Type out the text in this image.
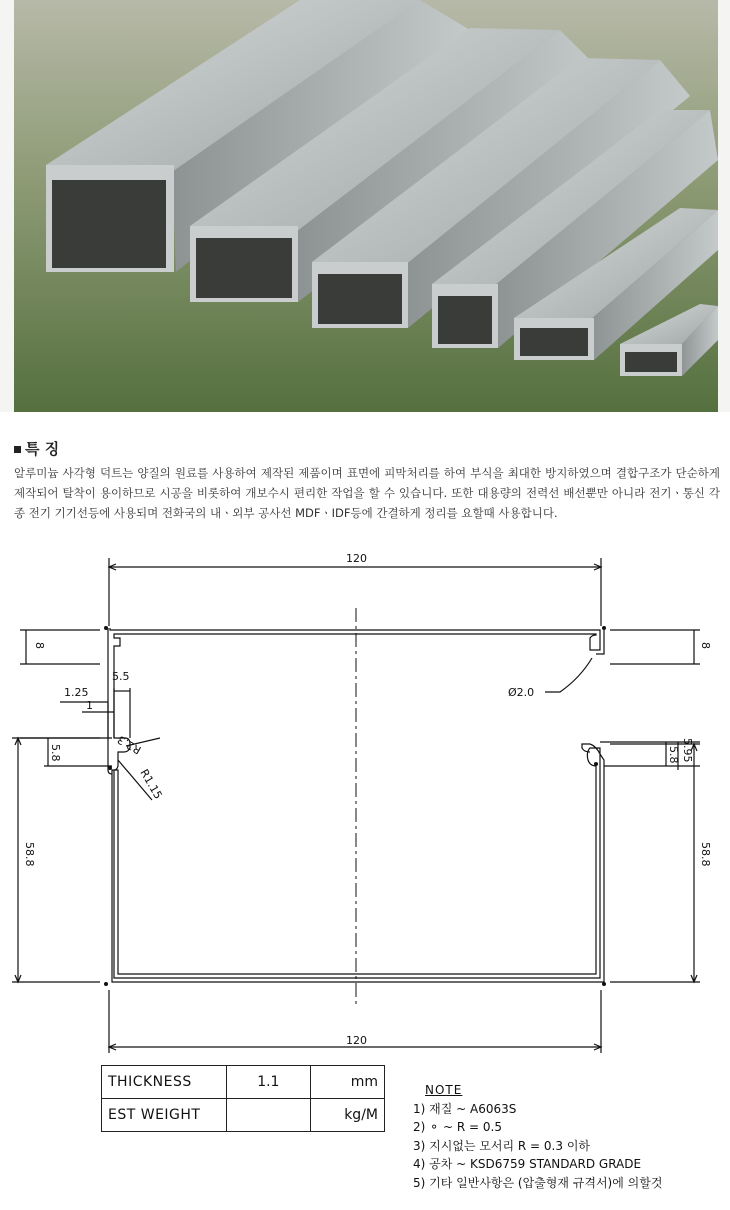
특 징
알루미늄 사각형 덕트는 양질의 원료를 사용하여 제작된 제품이며 표면에 피막처리를 하여 부식을 최대한 방지하였으며 결합구조가 단순하게 제작되어 탈착이 용이하므로 시공을 비롯하여 개보수시 편리한 작업을 할 수 있습니다. 또한 대용량의 전력선 배선뿐만 아니라 전기ㆍ통신 각종 전기 기기선등에 사용되며 전화국의 내ㆍ외부 공사선 MDFㆍIDF등에 간결하게 정리를 요할때 사용합니다.
120
120
8	8
5.5
1.25
1
Ø2.0
5.8	R2.3
R1.15
5.95
5.8
58.8	58.8
THICKNESS	1.1	mm
EST WEIGHT		kg/M
NOTE
1) 재질 ~ A6063S
2) ⚬ ~ R = 0.5
3) 지시없는 모서리 R = 0.3 이하
4) 공차 ~ KSD6759 STANDARD GRADE
5) 기타 일반사항은 (압출형재 규격서)에 의할것
